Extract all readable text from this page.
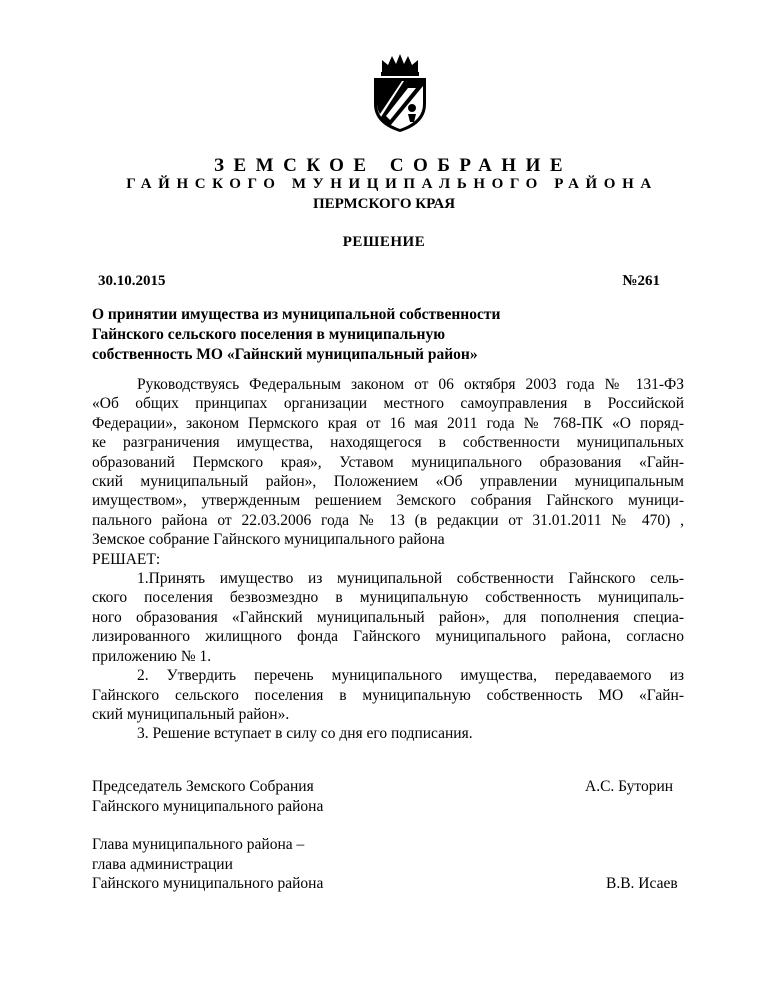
ЗЕМСКОЕ СОБРАНИЕ
ГАЙНСКОГО МУНИЦИПАЛЬНОГО РАЙОНА
ПЕРМСКОГО КРАЯ
РЕШЕНИЕ
30.10.2015	№261
О принятии имущества из муниципальной собственности
Гайнского сельского поселения в муниципальную
собственность МО «Гайнский муниципальный район»
Руководствуясь Федеральным законом от 06 октября 2003 года № 131-ФЗ
«Об общих принципах организации местного самоуправления в Российской
Федерации», законом Пермского края от 16 мая 2011 года № 768-ПК «О поряд-
ке разграничения имущества, находящегося в собственности муниципальных
образований Пермского края», Уставом муниципального образования «Гайн-
ский муниципальный район», Положением «Об управлении муниципальным
имуществом», утвержденным решением Земского собрания Гайнского муници-
пального района от 22.03.2006 года № 13 (в редакции от 31.01.2011 № 470) ,
Земское собрание Гайнского муниципального района
РЕШАЕТ:
1.Принять имущество из муниципальной собственности Гайнского сель-
ского поселения безвозмездно в муниципальную собственность муниципаль-
ного образования «Гайнский муниципальный район», для пополнения специа-
лизированного жилищного фонда Гайнского муниципального района, согласно
приложению № 1.
2. Утвердить перечень муниципального имущества, передаваемого из
Гайнского сельского поселения в муниципальную собственность МО «Гайн-
ский муниципальный район».
3. Решение вступает в силу со дня его подписания.
Председатель Земского Собрания
Гайнского муниципального района
А.С. Буторин
Глава муниципального района –
глава администрации
Гайнского муниципального района	В.В. Исаев
